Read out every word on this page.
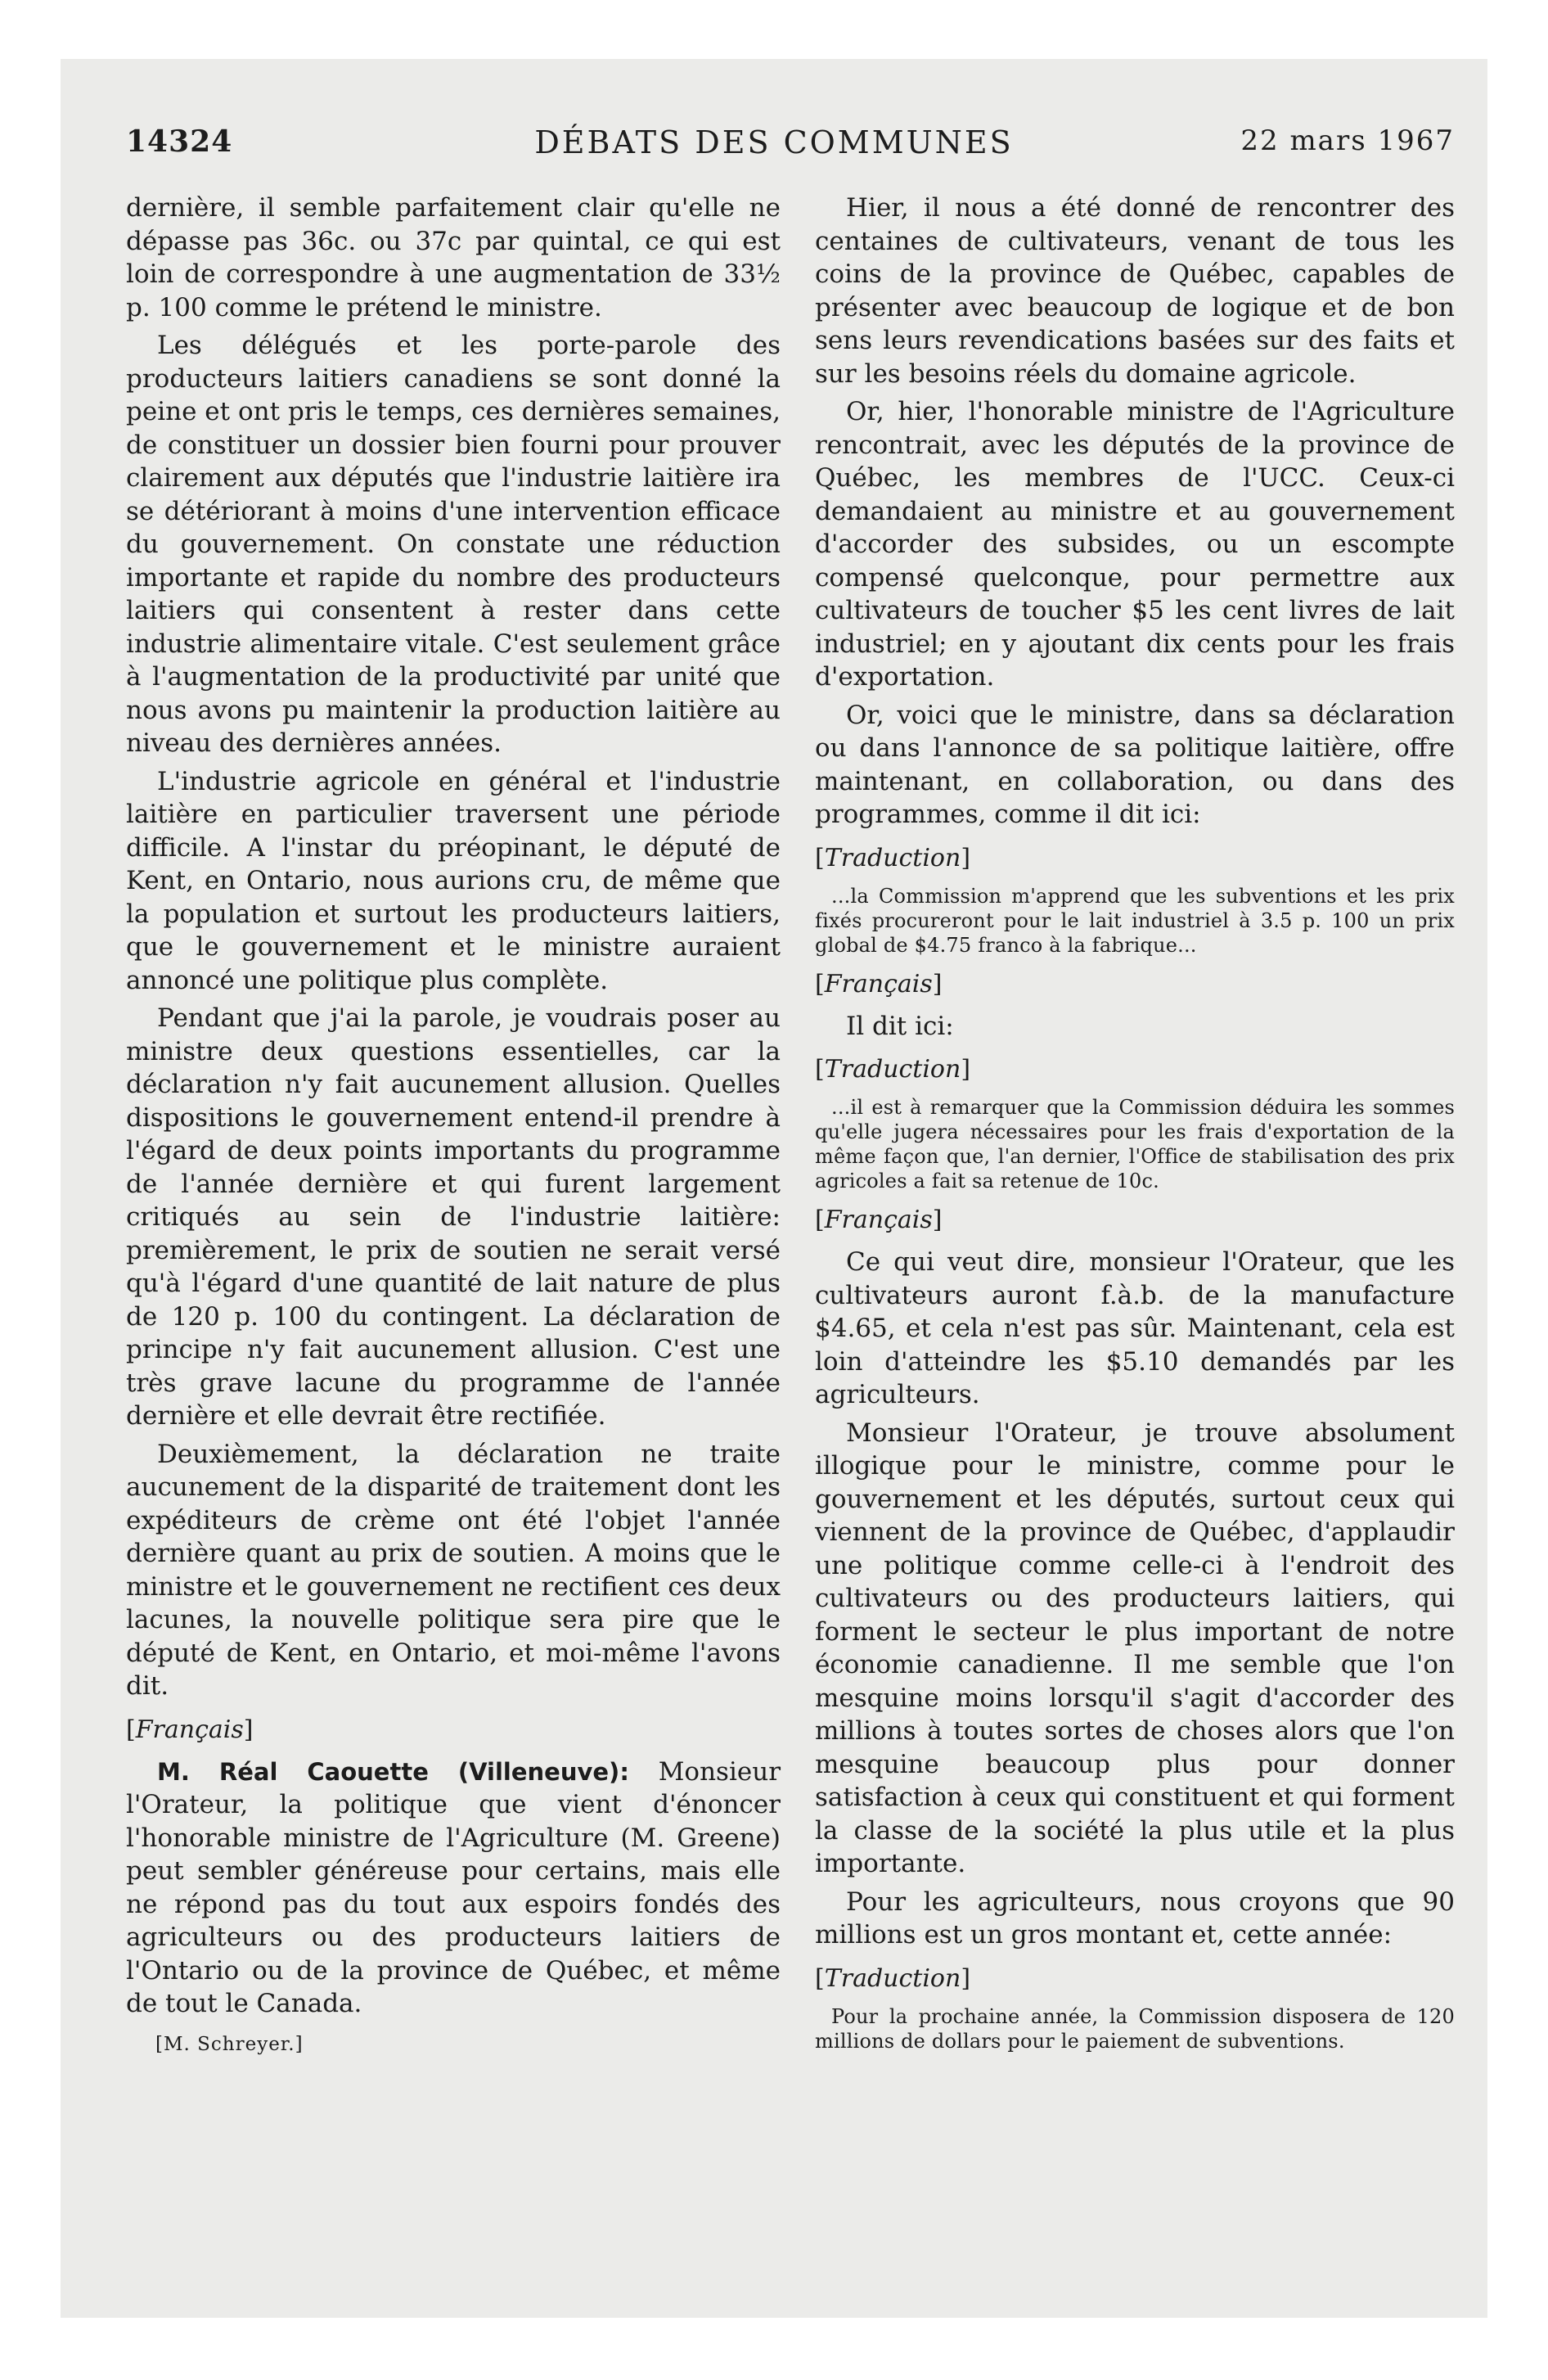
14324	DÉBATS DES COMMUNES	22 mars 1967

dernière, il semble parfaitement clair qu'elle ne dépasse pas 36c. ou 37c par quintal, ce qui est loin de correspondre à une augmentation de 33½ p. 100 comme le prétend le ministre.

Les délégués et les porte-parole des producteurs laitiers canadiens se sont donné la peine et ont pris le temps, ces dernières semaines, de constituer un dossier bien fourni pour prouver clairement aux députés que l'industrie laitière ira se détériorant à moins d'une intervention efficace du gouvernement. On constate une réduction importante et rapide du nombre des producteurs laitiers qui consentent à rester dans cette industrie alimentaire vitale. C'est seulement grâce à l'augmentation de la productivité par unité que nous avons pu maintenir la production laitière au niveau des dernières années.

L'industrie agricole en général et l'industrie laitière en particulier traversent une période difficile. A l'instar du préopinant, le député de Kent, en Ontario, nous aurions cru, de même que la population et surtout les producteurs laitiers, que le gouvernement et le ministre auraient annoncé une politique plus complète.

Pendant que j'ai la parole, je voudrais poser au ministre deux questions essentielles, car la déclaration n'y fait aucunement allusion. Quelles dispositions le gouvernement entend-il prendre à l'égard de deux points importants du programme de l'année dernière et qui furent largement critiqués au sein de l'industrie laitière: premièrement, le prix de soutien ne serait versé qu'à l'égard d'une quantité de lait nature de plus de 120 p. 100 du contingent. La déclaration de principe n'y fait aucunement allusion. C'est une très grave lacune du programme de l'année dernière et elle devrait être rectifiée.

Deuxièmement, la déclaration ne traite aucunement de la disparité de traitement dont les expéditeurs de crème ont été l'objet l'année dernière quant au prix de soutien. A moins que le ministre et le gouvernement ne rectifient ces deux lacunes, la nouvelle politique sera pire que le député de Kent, en Ontario, et moi-même l'avons dit.

[Français]

M. Réal Caouette (Villeneuve): Monsieur l'Orateur, la politique que vient d'énoncer l'honorable ministre de l'Agriculture (M. Greene) peut sembler généreuse pour certains, mais elle ne répond pas du tout aux espoirs fondés des agriculteurs ou des producteurs laitiers de l'Ontario ou de la province de Québec, et même de tout le Canada.

[M. Schreyer.]

Hier, il nous a été donné de rencontrer des centaines de cultivateurs, venant de tous les coins de la province de Québec, capables de présenter avec beaucoup de logique et de bon sens leurs revendications basées sur des faits et sur les besoins réels du domaine agricole.

Or, hier, l'honorable ministre de l'Agriculture rencontrait, avec les députés de la province de Québec, les membres de l'UCC. Ceux-ci demandaient au ministre et au gouvernement d'accorder des subsides, ou un escompte compensé quelconque, pour permettre aux cultivateurs de toucher $5 les cent livres de lait industriel; en y ajoutant dix cents pour les frais d'exportation.

Or, voici que le ministre, dans sa déclaration ou dans l'annonce de sa politique laitière, offre maintenant, en collaboration, ou dans des programmes, comme il dit ici:

[Traduction]

...la Commission m'apprend que les subventions et les prix fixés procureront pour le lait industriel à 3.5 p. 100 un prix global de $4.75 franco à la fabrique...

[Français]

Il dit ici:

[Traduction]

...il est à remarquer que la Commission déduira les sommes qu'elle jugera nécessaires pour les frais d'exportation de la même façon que, l'an dernier, l'Office de stabilisation des prix agricoles a fait sa retenue de 10c.

[Français]

Ce qui veut dire, monsieur l'Orateur, que les cultivateurs auront f.à.b. de la manufacture $4.65, et cela n'est pas sûr. Maintenant, cela est loin d'atteindre les $5.10 demandés par les agriculteurs.

Monsieur l'Orateur, je trouve absolument illogique pour le ministre, comme pour le gouvernement et les députés, surtout ceux qui viennent de la province de Québec, d'applaudir une politique comme celle-ci à l'endroit des cultivateurs ou des producteurs laitiers, qui forment le secteur le plus important de notre économie canadienne. Il me semble que l'on mesquine moins lorsqu'il s'agit d'accorder des millions à toutes sortes de choses alors que l'on mesquine beaucoup plus pour donner satisfaction à ceux qui constituent et qui forment la classe de la société la plus utile et la plus importante.

Pour les agriculteurs, nous croyons que 90 millions est un gros montant et, cette année:

[Traduction]

Pour la prochaine année, la Commission disposera de 120 millions de dollars pour le paiement de subventions.
